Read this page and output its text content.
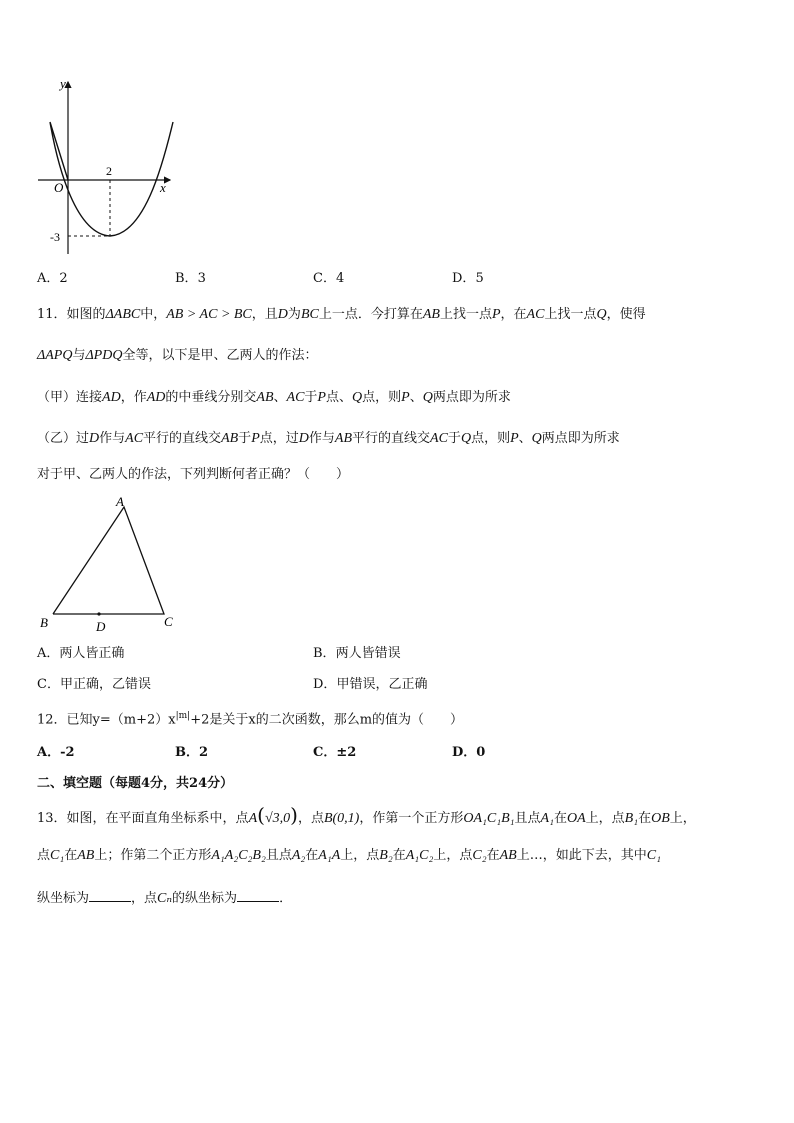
y
x
O
2
-3
A．2	B．3	C．4	D．5
11．如图的ΔABC中，AB > AC > BC，且D为BC上一点．今打算在AB上找一点P，在AC上找一点Q，使得
ΔAPQ与ΔPDQ全等，以下是甲、乙两人的作法：
（甲）连接AD，作AD的中垂线分别交AB、AC于P点、Q点，则P、Q两点即为所求
（乙）过D作与AC平行的直线交AB于P点，过D作与AB平行的直线交AC于Q点，则P、Q两点即为所求
对于甲、乙两人的作法，下列判断何者正确？（　　）
A
B	C
D
A．两人皆正确	B．两人皆错误
C．甲正确，乙错误	D．甲错误，乙正确
12．已知$y=(m+2)x^{|m|}+2$是关于x的二次函数，那么m的值为（　　）
A．-2	B．2	C．±2	D．0
二、填空题（每题4分，共24分）
13．如图，在平面直角坐标系中，点A(√3,0)，点B(0,1)，作第一个正方形OA₁C₁B₁且点A₁在OA上，点B₁在OB上，
点C₁在AB上；作第二个正方形A₁A₂C₂B₂且点A₂在A₁A上，点B₂在A₁C₂上，点C₂在AB上…，如此下去，其中C₁
纵坐标为	，点Cₙ的纵坐标为	．
